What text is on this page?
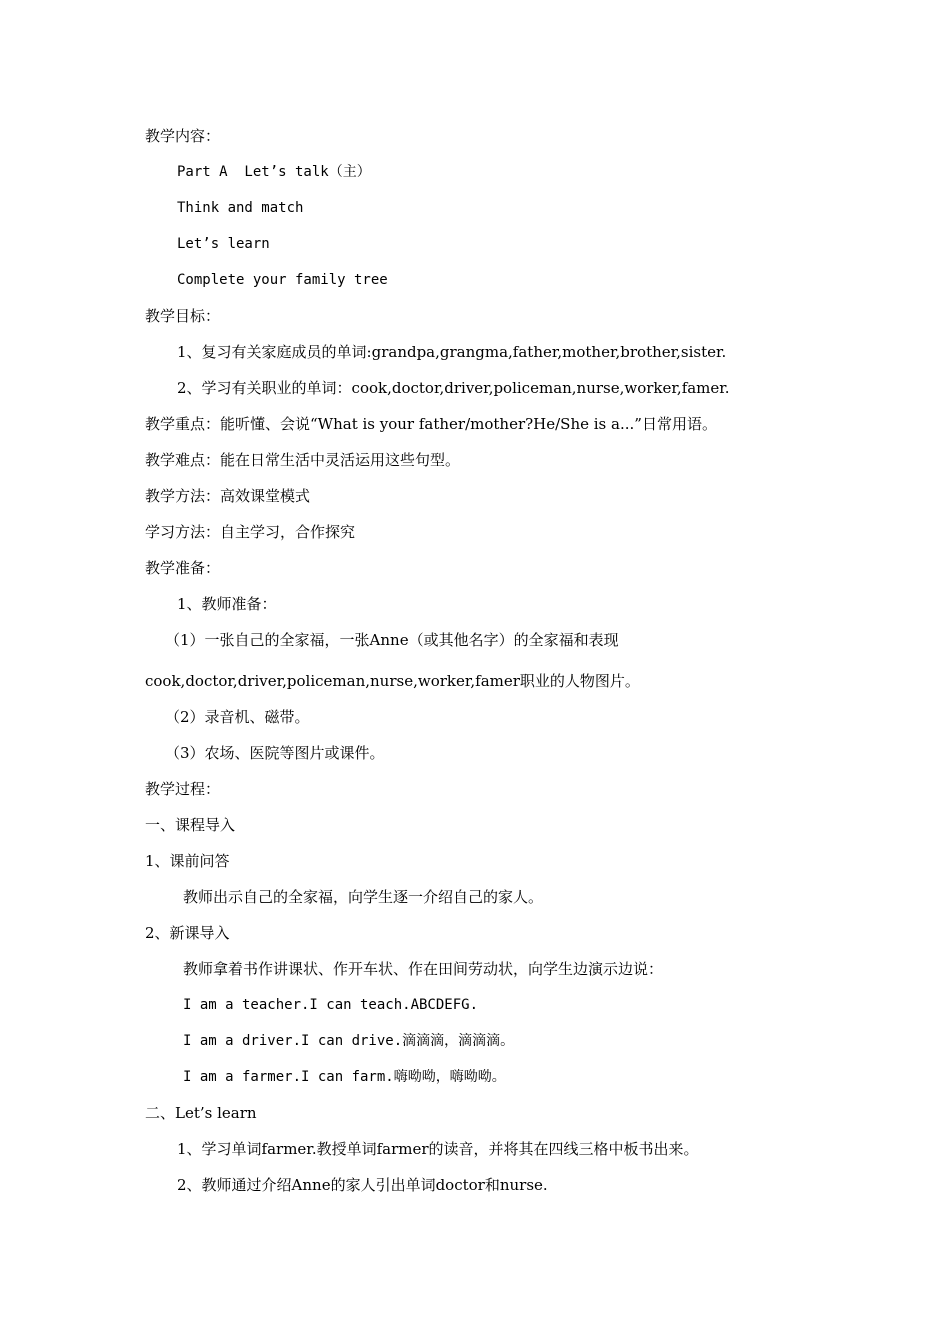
教学内容：
Part A  Let’s talk（主）
Think and match
Let’s learn
Complete your family tree
教学目标：
1、复习有关家庭成员的单词:grandpa,grangma,father,mother,brother,sister.
2、学习有关职业的单词：cook,doctor,driver,policeman,nurse,worker,famer.
教学重点：能听懂、会说“What is your father/mother?He/She is a...”日常用语。
教学难点：能在日常生活中灵活运用这些句型。
教学方法：高效课堂模式
学习方法：自主学习，合作探究
教学准备：
1、教师准备：
（1）一张自己的全家福，一张Anne（或其他名字）的全家福和表现
cook,doctor,driver,policeman,nurse,worker,famer职业的人物图片。
（2）录音机、磁带。
（3）农场、医院等图片或课件。
教学过程：
一、课程导入
1、课前问答
教师出示自己的全家福，向学生逐一介绍自己的家人。
2、新课导入
教师拿着书作讲课状、作开车状、作在田间劳动状，向学生边演示边说：
I am a teacher.I can teach.ABCDEFG.
I am a driver.I can drive.滴滴滴，滴滴滴。
I am a farmer.I can farm.嗨呦呦，嗨呦呦。
二、Let’s learn
1、学习单词farmer.教授单词farmer的读音，并将其在四线三格中板书出来。
2、教师通过介绍Anne的家人引出单词doctor和nurse.
